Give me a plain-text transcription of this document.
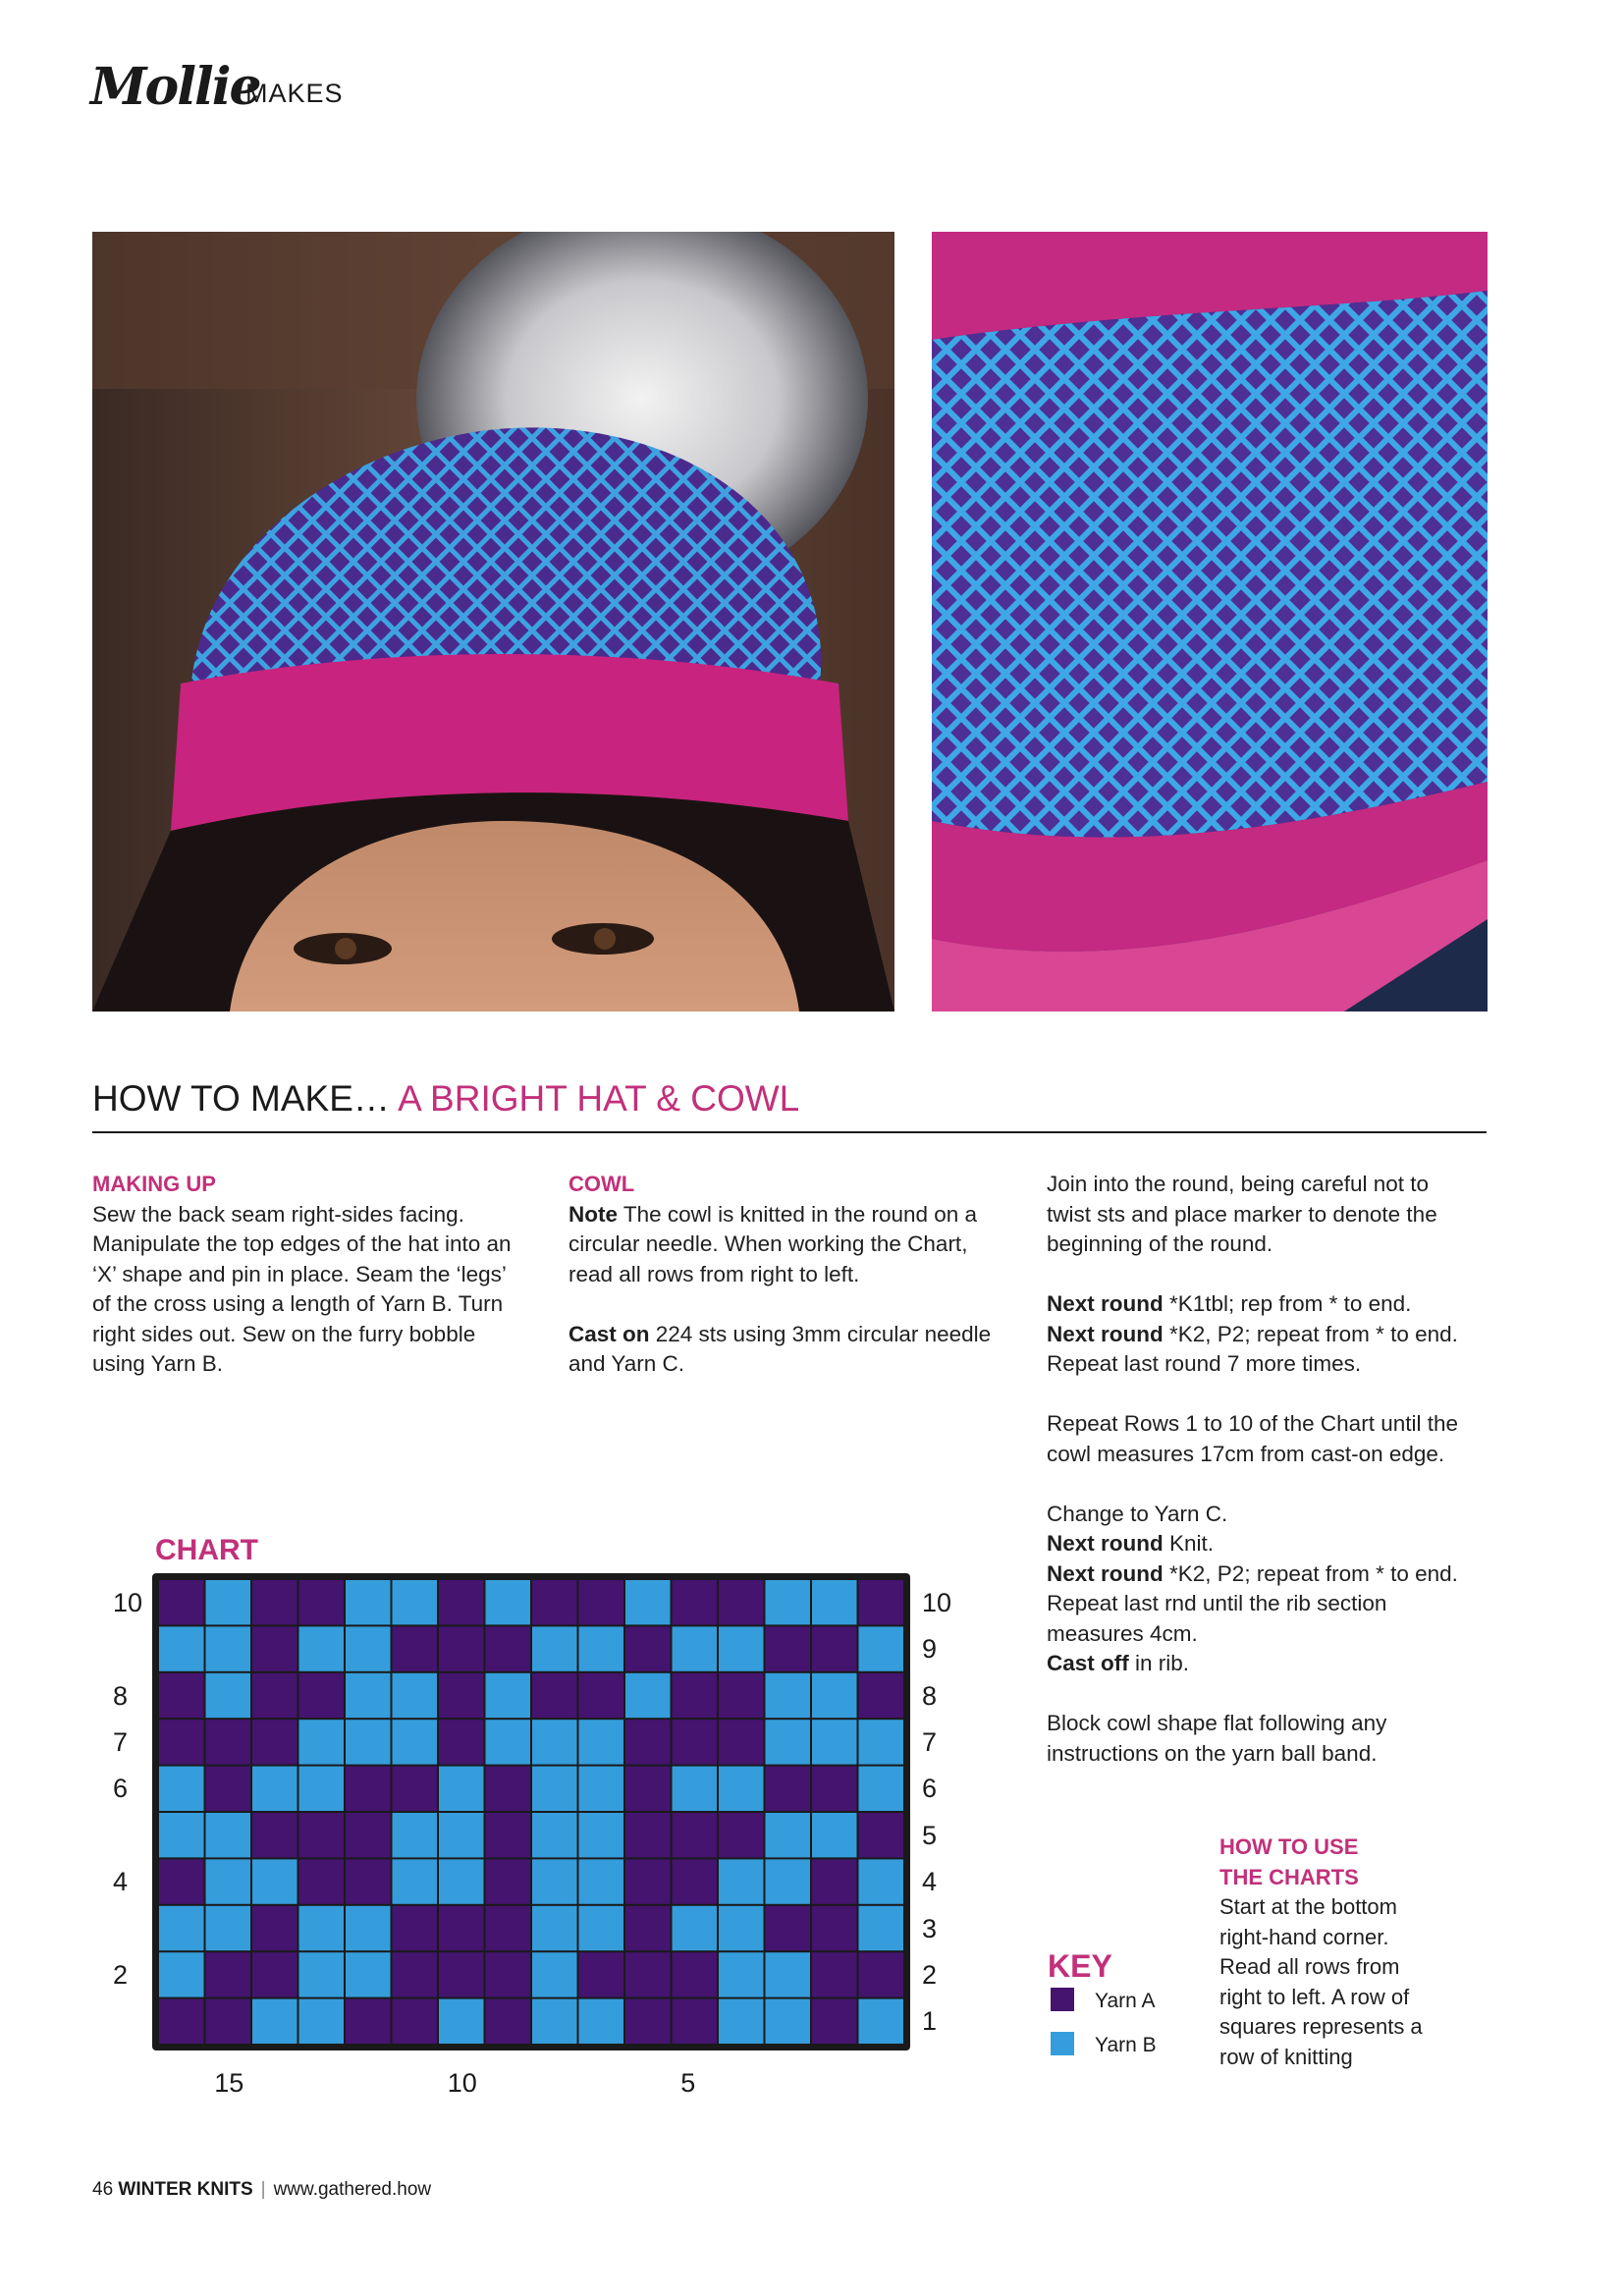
Mollie
MAKES
HOW TO MAKE… A BRIGHT HAT & COWL
MAKING UP
Sew the back seam right-sides facing.
Manipulate the top edges of the hat into an
‘X’ shape and pin in place. Seam the ‘legs’
of the cross using a length of Yarn B. Turn
right sides out. Sew on the furry bobble
using Yarn B.
COWL
Note The cowl is knitted in the round on a
circular needle. When working the Chart,
read all rows from right to left.
Cast on 224 sts using 3mm circular needle
and Yarn C.
Join into the round, being careful not to
twist sts and place marker to denote the
beginning of the round.
Next round *K1tbl; rep from * to end.
Next round *K2, P2; repeat from * to end.
Repeat last round 7 more times.
Repeat Rows 1 to 10 of the Chart until the
cowl measures 17cm from cast-on edge.
Change to Yarn C.
Next round Knit.
Next round *K2, P2; repeat from * to end.
Repeat last rnd until the rib section
measures 4cm.
Cast off in rib.
Block cowl shape flat following any
instructions on the yarn ball band.
CHART
10
9
8
7
6
5
4
3
2
1
10
8
7
6
4
2
15	10	5
KEY
Yarn A
Yarn B
HOW TO USE
THE CHARTS
Start at the bottom
right-hand corner.
Read all rows from
right to left. A row of
squares represents a
row of knitting
46 WINTER KNITS | www.gathered.how
